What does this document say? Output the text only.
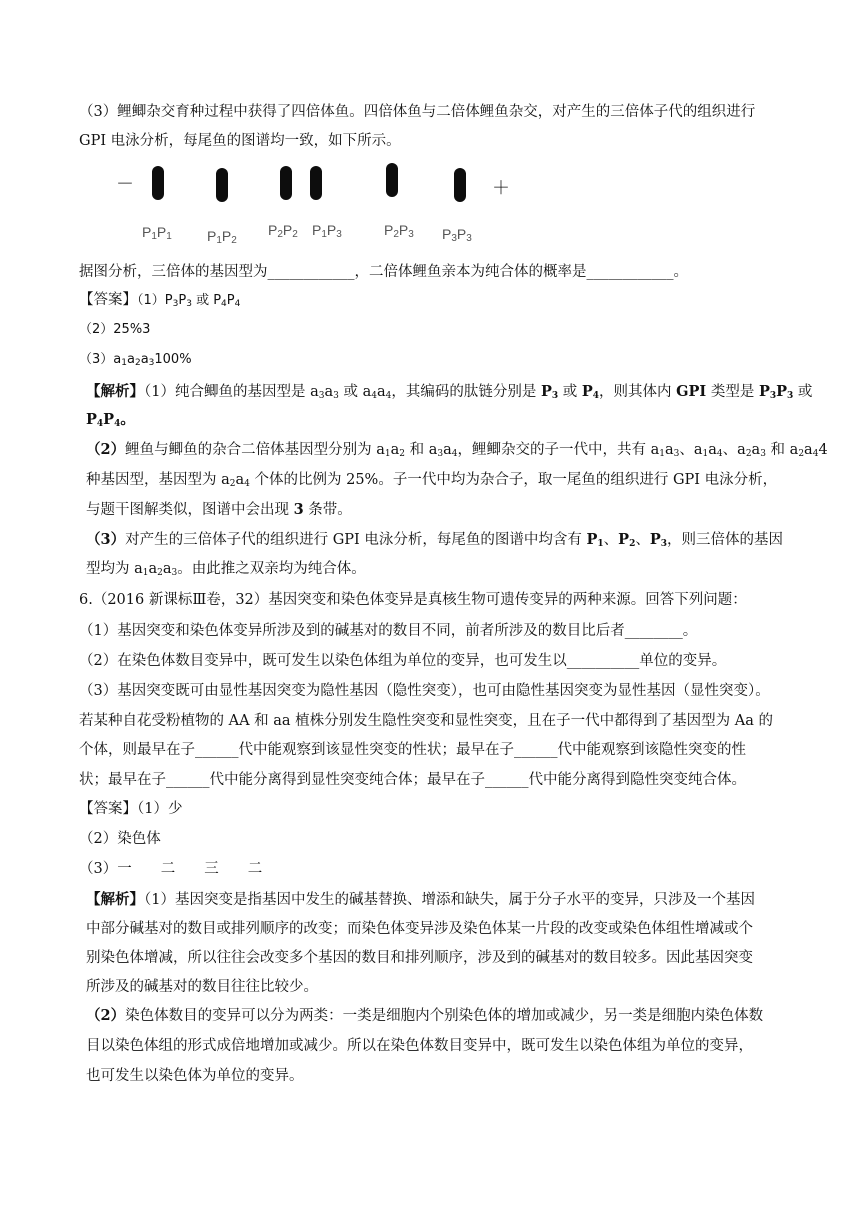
（3）鲤鲫杂交育种过程中获得了四倍体鱼。四倍体鱼与二倍体鲤鱼杂交，对产生的三倍体子代的组织进行
GPI 电泳分析，每尾鱼的图谱均一致，如下所示。
－	＋
$P_1P_1$	$P_1P_2$
$P_2P_2$ $P_1P_3$	$P_2P_3$ $P_3P_3$
据图分析，三倍体的基因型为____________，二倍体鲤鱼亲本为纯合体的概率是____________。
【答案】$(1)P_3P_3$ 或 $P_4P_4$
（2）25%3
$(3)a_1a_2a_3100\%$
【解析】（1）纯合鲫鱼的基因型是 $a_3a_3$ 或 $a_4a_4$，其编码的肽链分别是 $P_3$ 或 $P_4$，则其体内 GPI 类型是 $P_3P_3$ 或
$P_4P_4$。
（2）鲤鱼与鲫鱼的杂合二倍体基因型分别为 $a_1a_2$ 和 $a_3a_4$，鲤鲫杂交的子一代中，共有 $a_1a_3$、$a_1a_4$、$a_2a_3$ 和 $a_2a_44$
种基因型，基因型为 $a_2a_4$ 个体的比例为 25%。子一代中均为杂合子，取一尾鱼的组织进行 GPI 电泳分析，
与题干图解类似，图谱中会出现 3 条带。
（3）对产生的三倍体子代的组织进行 GPI 电泳分析，每尾鱼的图谱中均含有 $P_1$、$P_2$、$P_3$，则三倍体的基因
型均为 $a_1a_2a_3$。由此推之双亲均为纯合体。
6.（2016 新课标Ⅲ卷，32）基因突变和染色体变异是真核生物可遗传变异的两种来源。回答下列问题：
（1）基因突变和染色体变异所涉及到的碱基对的数目不同，前者所涉及的数目比后者________。
（2）在染色体数目变异中，既可发生以染色体组为单位的变异，也可发生以__________单位的变异。
（3）基因突变既可由显性基因突变为隐性基因（隐性突变），也可由隐性基因突变为显性基因（显性突变）。
若某种自花受粉植物的 AA 和 aa 植株分别发生隐性突变和显性突变，且在子一代中都得到了基因型为 Aa 的
个体，则最早在子______代中能观察到该显性突变的性状；最早在子______代中能观察到该隐性突变的性
状；最早在子______代中能分离得到显性突变纯合体；最早在子______代中能分离得到隐性突变纯合体。
【答案】（1）少
（2）染色体
（3）一　　二　　三　　二
【解析】（1）基因突变是指基因中发生的碱基替换、增添和缺失，属于分子水平的变异，只涉及一个基因
中部分碱基对的数目或排列顺序的改变；而染色体变异涉及染色体某一片段的改变或染色体组性增减或个
别染色体增减，所以往往会改变多个基因的数目和排列顺序，涉及到的碱基对的数目较多。因此基因突变
所涉及的碱基对的数目往往比较少。
（2）染色体数目的变异可以分为两类：一类是细胞内个别染色体的增加或减少，另一类是细胞内染色体数
目以染色体组的形式成倍地增加或减少。所以在染色体数目变异中，既可发生以染色体组为单位的变异，
也可发生以染色体为单位的变异。
